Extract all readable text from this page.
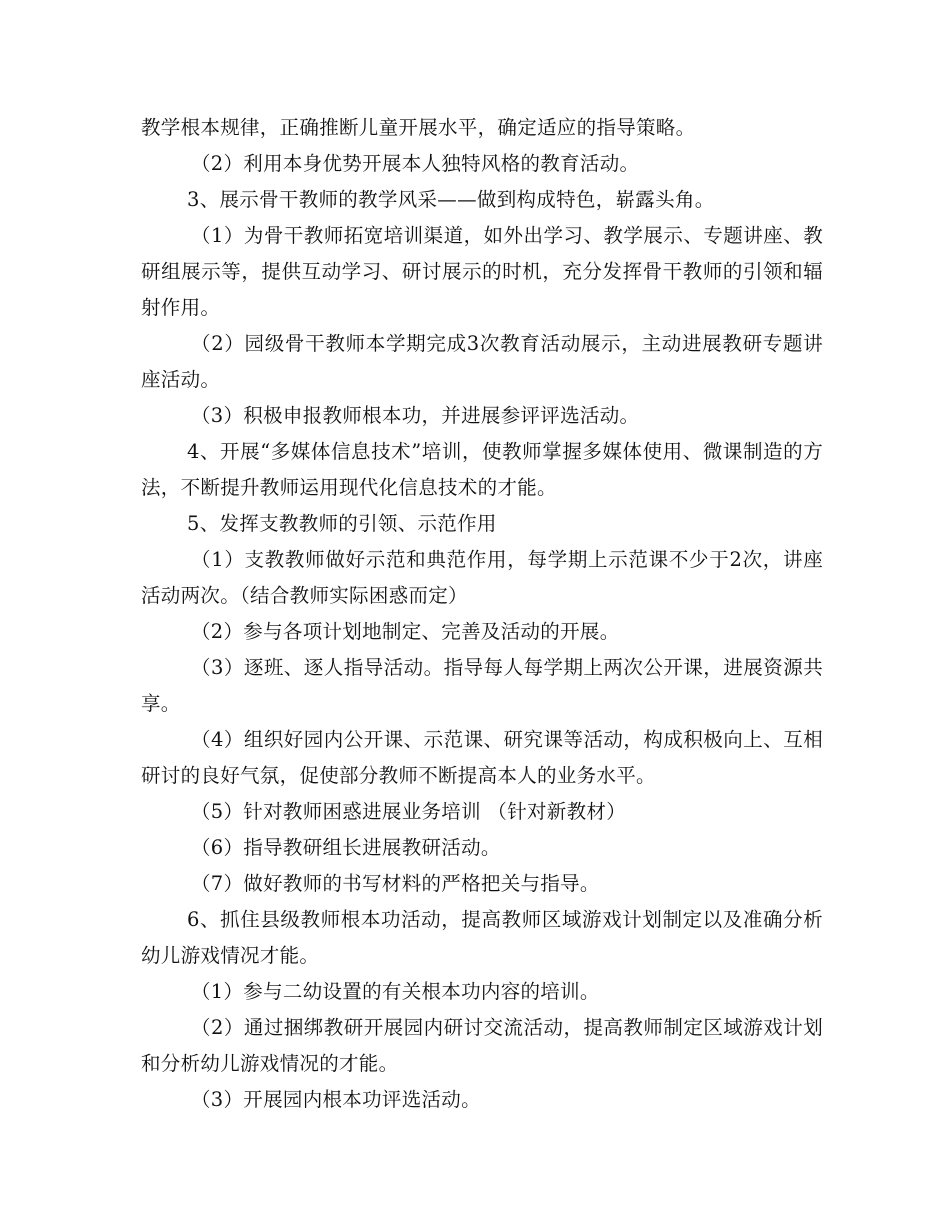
教学根本规律，正确推断儿童开展水平，确定适应的指导策略。

（2）利用本身优势开展本人独特风格的教育活动。

3、展示骨干教师的教学风采——做到构成特色，崭露头角。

（1）为骨干教师拓宽培训渠道，如外出学习、教学展示、专题讲座、教研组展示等，提供互动学习、研讨展示的时机，充分发挥骨干教师的引领和辐射作用。

（2）园级骨干教师本学期完成3次教育活动展示，主动进展教研专题讲座活动。

（3）积极申报教师根本功，并进展参评评选活动。

4、开展“多媒体信息技术”培训，使教师掌握多媒体使用、微课制造的方法，不断提升教师运用现代化信息技术的才能。

5、发挥支教教师的引领、示范作用

（1）支教教师做好示范和典范作用，每学期上示范课不少于2次，讲座活动两次。（结合教师实际困惑而定）

（2）参与各项计划地制定、完善及活动的开展。

（3）逐班、逐人指导活动。指导每人每学期上两次公开课，进展资源共享。

（4）组织好园内公开课、示范课、研究课等活动，构成积极向上、互相研讨的良好气氛，促使部分教师不断提高本人的业务水平。

（5）针对教师困惑进展业务培训 （针对新教材）

（6）指导教研组长进展教研活动。

（7）做好教师的书写材料的严格把关与指导。

6、抓住县级教师根本功活动，提高教师区域游戏计划制定以及准确分析幼儿游戏情况才能。

（1）参与二幼设置的有关根本功内容的培训。

（2）通过捆绑教研开展园内研讨交流活动，提高教师制定区域游戏计划和分析幼儿游戏情况的才能。

（3）开展园内根本功评选活动。
